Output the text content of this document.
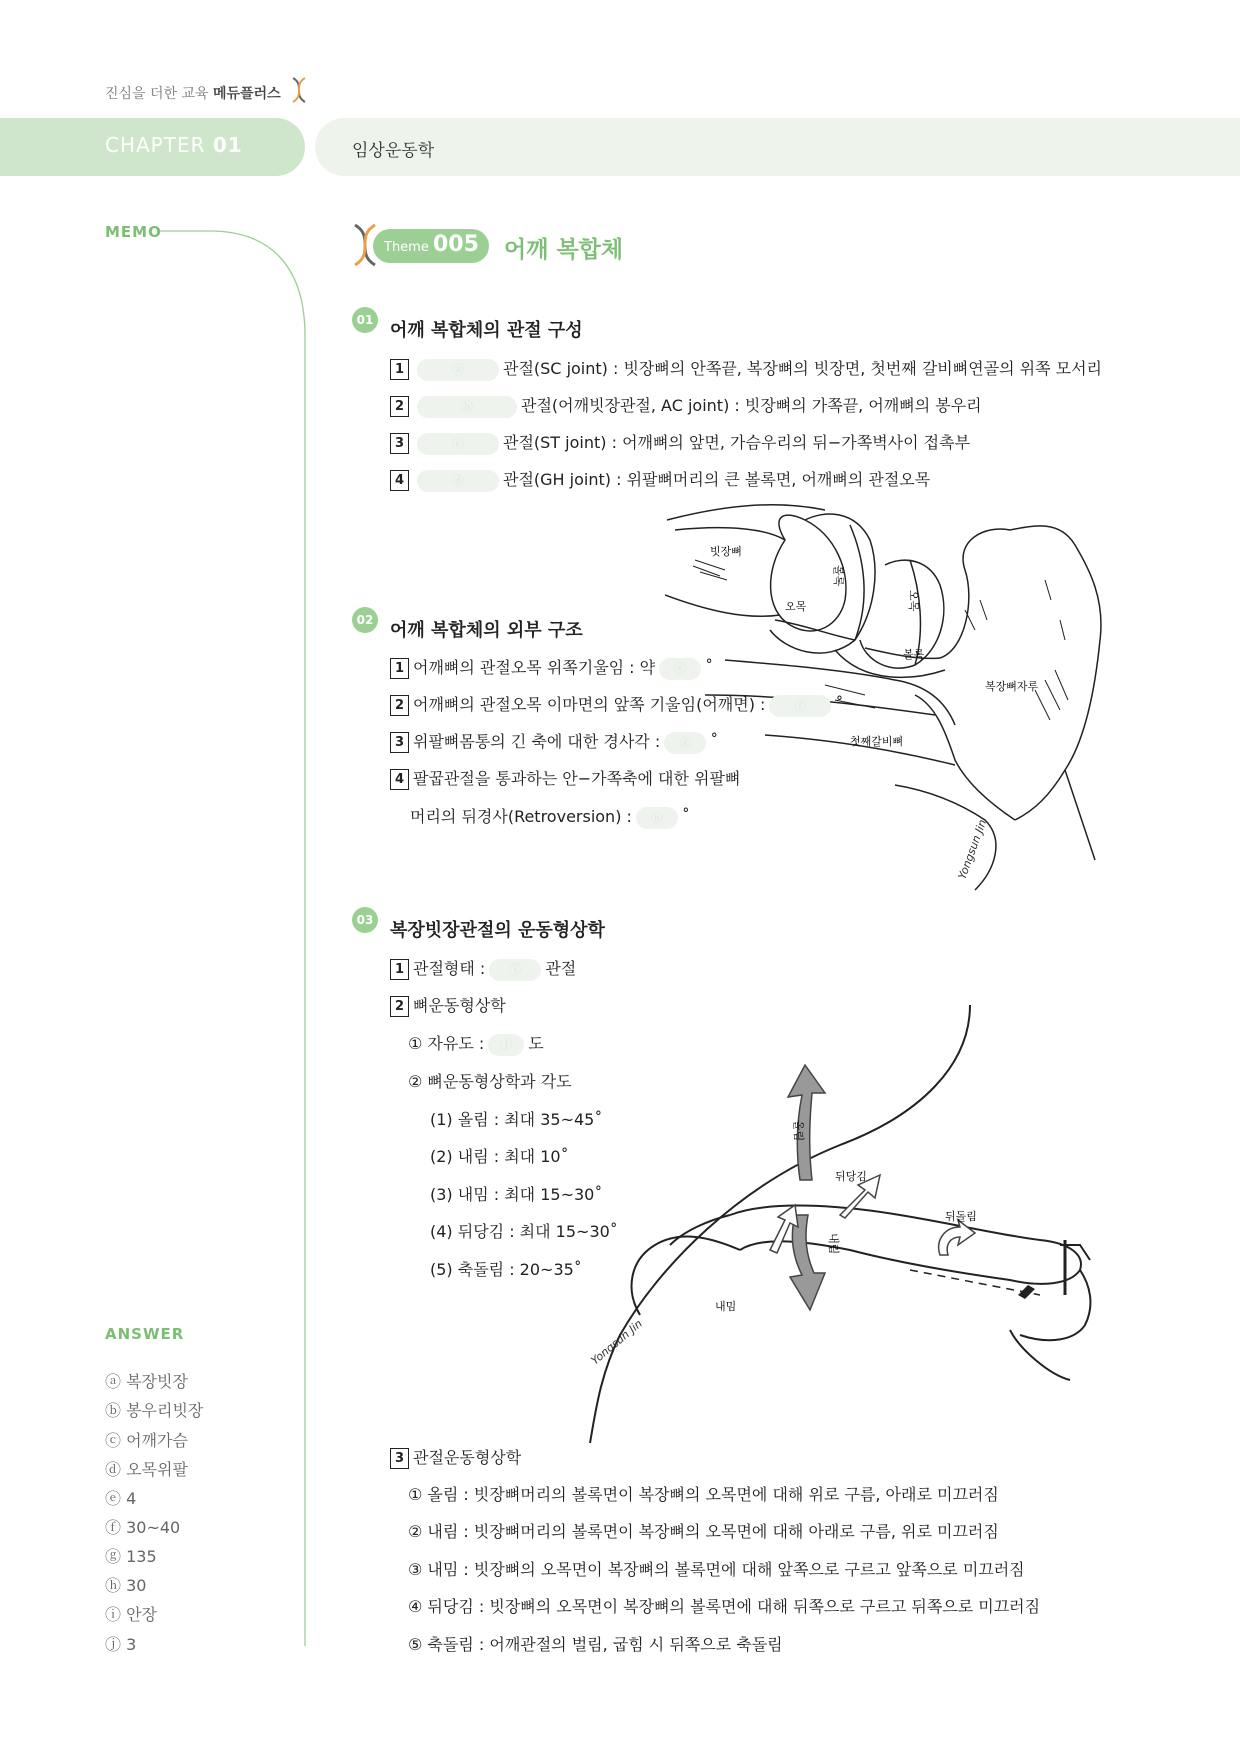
진심을 더한 교육 메듀플러스
CHAPTER 01	임상운동학
MEMO
Theme 005 어깨 복합체
01 어깨 복합체의 관절 구성
1	ⓐ 관절(SC joint) : 빗장뼈의 안쪽끝, 복장뼈의 빗장면, 첫번째 갈비뼈연골의 위쪽 모서리
2	ⓑ	관절(어깨빗장관절, AC joint) : 빗장뼈의 가쪽끝, 어깨뼈의 봉우리
3	ⓒ 관절(ST joint) : 어깨뼈의 앞면, 가슴우리의 뒤−가쪽벽사이 접촉부
4	ⓓ 관절(GH joint) : 위팔뼈머리의 큰 볼록면, 어깨뼈의 관절오목
빗장뼈
볼록
오목	오목
볼록
복장뼈자루
첫째갈비뼈
Yongsun Jin
02 어깨 복합체의 외부 구조
1 어깨뼈의 관절오목 위쪽기울임 : 약 ⓔ ˚
2 어깨뼈의 관절오목 이마면의 앞쪽 기울임(어깨면) : ⓕ ˚
3 위팔뼈몸통의 긴 축에 대한 경사각 : ⓖ ˚
4 팔꿉관절을 통과하는 안−가쪽축에 대한 위팔뼈
머리의 뒤경사(Retroversion) : ⓗ ˚
03 복장빗장관절의 운동형상학
1 관절형태 : ⓘ 관절
2 뼈운동형상학
① 자유도 : ⓙ 도
② 뼈운동형상학과 각도
(1) 올림 : 최대 35~45˚
(2) 내림 : 최대 10˚
(3) 내밈 : 최대 15~30˚
(4) 뒤당김 : 최대 15~30˚
(5) 축돌림 : 20~35˚
올림
내림
뒤당김
뒤돌림
내밈
Yongsun Jin
3 관절운동형상학
① 올림 : 빗장뼈머리의 볼록면이 복장뼈의 오목면에 대해 위로 구름, 아래로 미끄러짐
② 내림 : 빗장뼈머리의 볼록면이 복장뼈의 오목면에 대해 아래로 구름, 위로 미끄러짐
③ 내밈 : 빗장뼈의 오목면이 복장뼈의 볼록면에 대해 앞쪽으로 구르고 앞쪽으로 미끄러짐
④ 뒤당김 : 빗장뼈의 오목면이 복장뼈의 볼록면에 대해 뒤쪽으로 구르고 뒤쪽으로 미끄러짐
⑤ 축돌림 : 어깨관절의 벌림, 굽힘 시 뒤쪽으로 축돌림
ANSWER
ⓐ 복장빗장
ⓑ 봉우리빗장
ⓒ 어깨가슴
ⓓ 오목위팔
ⓔ 4
ⓕ 30~40
ⓖ 135
ⓗ 30
ⓘ 안장
ⓙ 3
